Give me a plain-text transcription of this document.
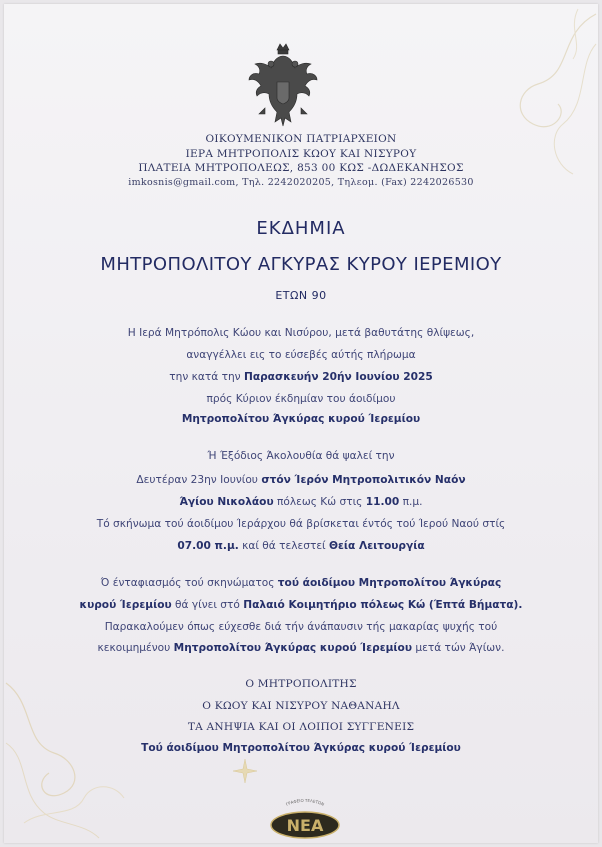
ΟΙΚΟΥΜΕΝΙΚΟΝ ΠΑΤΡΙΑΡΧΕΙΟΝ
ΙΕΡΑ ΜΗΤΡΟΠΟΛΙΣ ΚΩΟΥ ΚΑΙ ΝΙΣΥΡΟΥ
ΠΛΑΤΕΙΑ ΜΗΤΡΟΠΟΛΕΩΣ, 853 00 ΚΩΣ -ΔΩΔΕΚΑΝΗΣΟΣ
imkosnis@gmail.com, Τηλ. 2242020205, Τηλεομ. (Fax) 2242026530
ΕΚΔΗΜΙΑ
ΜΗΤΡΟΠΟΛΙΤΟΥ ΑΓΚΥΡΑΣ ΚΥΡΟΥ ΙΕΡΕΜΙΟΥ
ΕΤΩΝ 90
Η Ιερά Μητρόπολις Κώου και Νισύρου, μετά βαθυτάτης θλίψεως,
αναγγέλλει εις το εύσεβές αύτής πλήρωμα
την κατά την Παρασκευήν 20ήν Ιουνίου 2025
πρός Κύριον έκδημίαν του άοιδίμου
Μητροπολίτου Άγκύρας κυρού Ίερεμίου
Ή Έξόδιος Άκολουθία θά ψαλεί την
Δευτέραν 23ην Ιουνίου στόν Ίερόν Μητροπολιτικόν Ναόν
Άγίου Νικολάου πόλεως Κώ στις 11.00 π.μ.
Τό σκήνωμα τού άοιδίμου Ίεράρχου θά βρίσκεται έντός τού Ίερού Ναού στίς
07.00 π.μ. καί θά τελεστεί Θεία Λειτουργία
Ό ένταφιασμός τού σκηνώματος τού άοιδίμου Μητροπολίτου Άγκύρας
κυρού Ίερεμίου θά γίνει στό Παλαιό Κοιμητήριο πόλεως Κώ (Έπτά Βήματα).
Παρακαλούμεν όπως εύχεσθε διά τήν άνάπαυσιν τής μακαρίας ψυχής τού
κεκοιμημένου Μητροπολίτου Άγκύρας κυρού Ίερεμίου μετά τών Άγίων.
Ο ΜΗΤΡΟΠΟΛΙΤΗΣ
Ο ΚΩΟΥ ΚΑΙ ΝΙΣΥΡΟΥ ΝΑΘΑΝΑΗΛ
ΤΑ ΑΝΗΨΙΑ ΚΑΙ ΟΙ ΛΟΙΠΟΙ ΣΥΓΓΕΝΕΙΣ
Τού άοιδίμου Μητροπολίτου Άγκύρας κυρού Ίερεμίου
ΓΡΑΦΕΙΟ ΤΕΛΕΤΩΝ
ΝΕΑ
